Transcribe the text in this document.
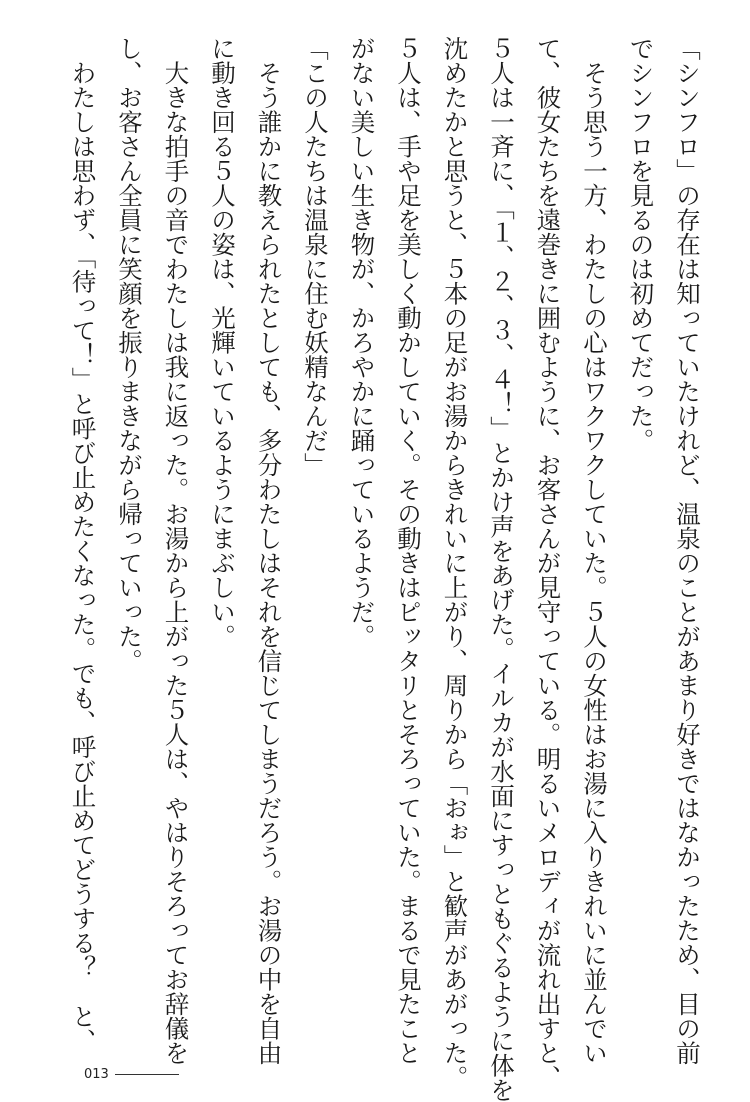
「シンフロ」の存在は知っていたけれど、温泉のことがあまり好きではなかったため、目の前
でシンフロを見るのは初めてだった。
　そう思う一方、わたしの心はワクワクしていた。５人の女性はお湯に入りきれいに並んでい
て、彼女たちを遠巻きに囲むように、お客さんが見守っている。明るいメロディが流れ出すと、
５人は一斉に、「１、２、３、４！」とかけ声をあげた。イルカが水面にすっともぐるように体を
沈めたかと思うと、５本の足がお湯からきれいに上がり、周りから「おぉ」と歓声があがった。
５人は、手や足を美しく動かしていく。その動きはピッタリとそろっていた。まるで見たこと
がない美しい生き物が、かろやかに踊っているようだ。
「この人たちは温泉に住む妖精なんだ」
　そう誰かに教えられたとしても、多分わたしはそれを信じてしまうだろう。お湯の中を自由
に動き回る５人の姿は、光輝いているようにまぶしい。
　大きな拍手の音でわたしは我に返った。お湯から上がった５人は、やはりそろってお辞儀を
し、お客さん全員に笑顔を振りまきながら帰っていった。
　わたしは思わず、「待って！」と呼び止めたくなった。でも、呼び止めてどうする？　と、
013
